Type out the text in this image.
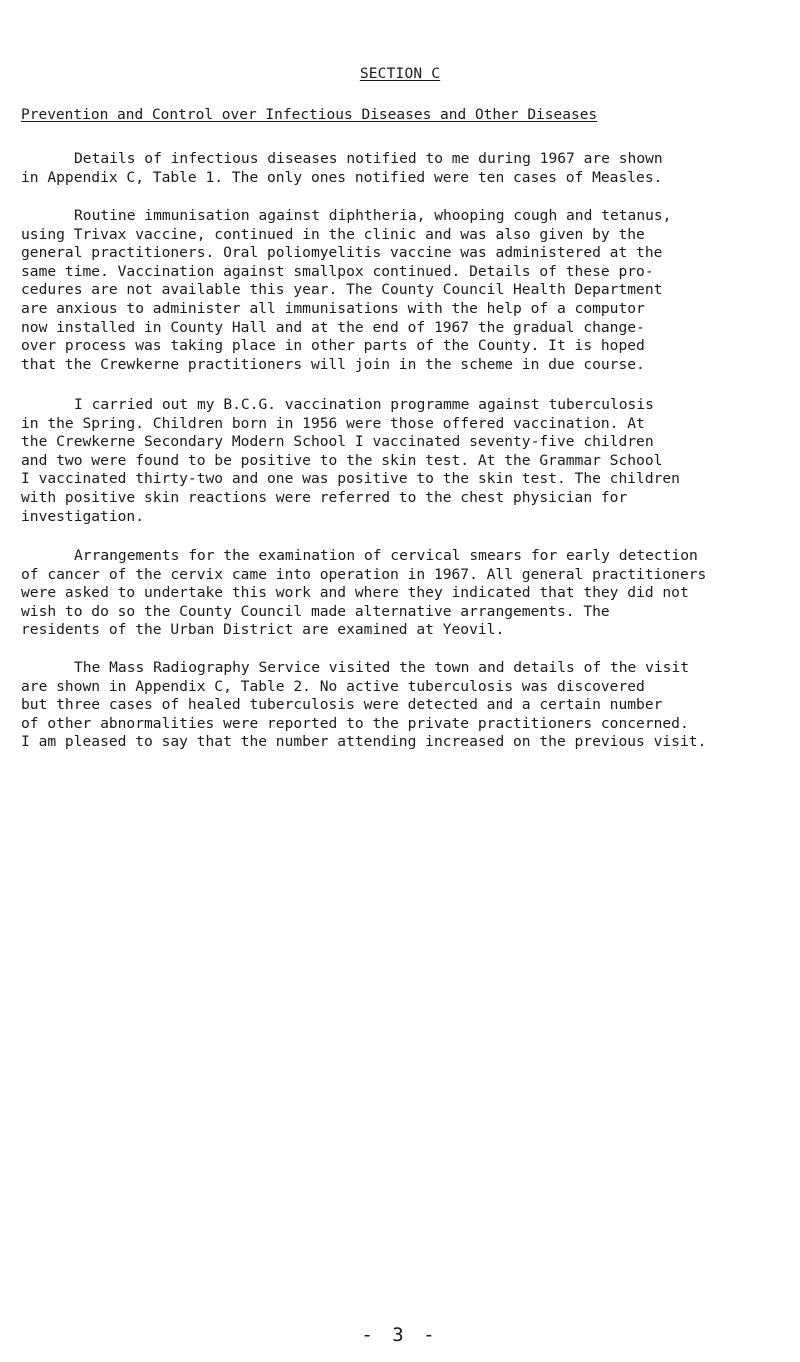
SECTION C
Prevention and Control over Infectious Diseases and Other Diseases

Details of infectious diseases notified to me during 1967 are shown
in Appendix C, Table 1. The only ones notified were ten cases of Measles.

Routine immunisation against diphtheria, whooping cough and tetanus,
using Trivax vaccine, continued in the clinic and was also given by the
general practitioners. Oral poliomyelitis vaccine was administered at the
same time. Vaccination against smallpox continued. Details of these pro-
cedures are not available this year. The County Council Health Department
are anxious to administer all immunisations with the help of a computor
now installed in County Hall and at the end of 1967 the gradual change-
over process was taking place in other parts of the County. It is hoped
that the Crewkerne practitioners will join in the scheme in due course.

I carried out my B.C.G. vaccination programme against tuberculosis
in the Spring. Children born in 1956 were those offered vaccination. At
the Crewkerne Secondary Modern School I vaccinated seventy-five children
and two were found to be positive to the skin test. At the Grammar School
I vaccinated thirty-two and one was positive to the skin test. The children
with positive skin reactions were referred to the chest physician for
investigation.

Arrangements for the examination of cervical smears for early detection
of cancer of the cervix came into operation in 1967. All general practitioners
were asked to undertake this work and where they indicated that they did not
wish to do so the County Council made alternative arrangements. The
residents of the Urban District are examined at Yeovil.

The Mass Radiography Service visited the town and details of the visit
are shown in Appendix C, Table 2. No active tuberculosis was discovered
but three cases of healed tuberculosis were detected and a certain number
of other abnormalities were reported to the private practitioners concerned.
I am pleased to say that the number attending increased on the previous visit.

- 3 -
